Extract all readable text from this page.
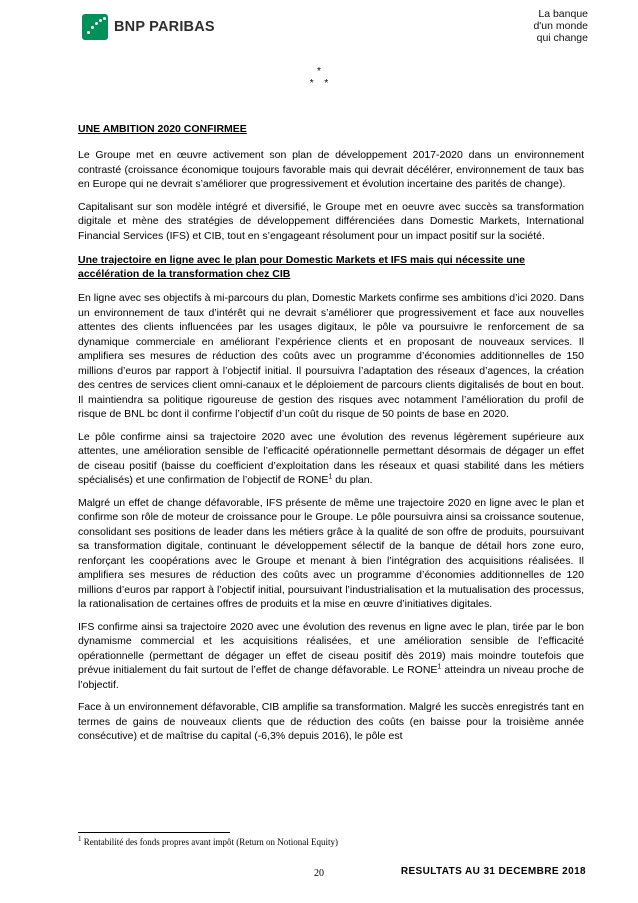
BNP PARIBAS
La banque
d'un monde
qui change
*
* *
UNE AMBITION 2020 CONFIRMEE

Le Groupe met en œuvre activement son plan de développement 2017-2020 dans un environnement contrasté (croissance économique toujours favorable mais qui devrait décélérer, environnement de taux bas en Europe qui ne devrait s’améliorer que progressivement et évolution incertaine des parités de change).

Capitalisant sur son modèle intégré et diversifié, le Groupe met en oeuvre avec succès sa transformation digitale et mène des stratégies de développement différenciées dans Domestic Markets, International Financial Services (IFS) et CIB, tout en s’engageant résolument pour un impact positif sur la société.

Une trajectoire en ligne avec le plan pour Domestic Markets et IFS mais qui nécessite une accélération de la transformation chez CIB

En ligne avec ses objectifs à mi-parcours du plan, Domestic Markets confirme ses ambitions d’ici 2020. Dans un environnement de taux d’intérêt qui ne devrait s’améliorer que progressivement et face aux nouvelles attentes des clients influencées par les usages digitaux, le pôle va poursuivre le renforcement de sa dynamique commerciale en améliorant l’expérience clients et en proposant de nouveaux services. Il amplifiera ses mesures de réduction des coûts avec un programme d’économies additionnelles de 150 millions d’euros par rapport à l’objectif initial. Il poursuivra l’adaptation des réseaux d’agences, la création des centres de services client omni-canaux et le déploiement de parcours clients digitalisés de bout en bout. Il maintiendra sa politique rigoureuse de gestion des risques avec notamment l’amélioration du profil de risque de BNL bc dont il confirme l’objectif d’un coût du risque de 50 points de base en 2020.

Le pôle confirme ainsi sa trajectoire 2020 avec une évolution des revenus légèrement supérieure aux attentes, une amélioration sensible de l’efficacité opérationnelle permettant désormais de dégager un effet de ciseau positif (baisse du coefficient d’exploitation dans les réseaux et quasi stabilité dans les métiers spécialisés) et une confirmation de l’objectif de RONE$^1$ du plan.

Malgré un effet de change défavorable, IFS présente de même une trajectoire 2020 en ligne avec le plan et confirme son rôle de moteur de croissance pour le Groupe. Le pôle poursuivra ainsi sa croissance soutenue, consolidant ses positions de leader dans les métiers grâce à la qualité de son offre de produits, poursuivant sa transformation digitale, continuant le développement sélectif de la banque de détail hors zone euro, renforçant les coopérations avec le Groupe et menant à bien l’intégration des acquisitions réalisées. Il amplifiera ses mesures de réduction des coûts avec un programme d’économies additionnelles de 120 millions d’euros par rapport à l’objectif initial, poursuivant l’industrialisation et la mutualisation des processus, la rationalisation de certaines offres de produits et la mise en œuvre d’initiatives digitales.

IFS confirme ainsi sa trajectoire 2020 avec une évolution des revenus en ligne avec le plan, tirée par le bon dynamisme commercial et les acquisitions réalisées, et une amélioration sensible de l’efficacité opérationnelle (permettant de dégager un effet de ciseau positif dès 2019) mais moindre toutefois que prévue initialement du fait surtout de l’effet de change défavorable. Le RONE$^1$ atteindra un niveau proche de l’objectif.

Face à un environnement défavorable, CIB amplifie sa transformation. Malgré les succès enregistrés tant en termes de gains de nouveaux clients que de réduction des coûts (en baisse pour la troisième année consécutive) et de maîtrise du capital (-6,3% depuis 2016), le pôle est

$^1$ Rentabilité des fonds propres avant impôt (Return on Notional Equity)
20	RESULTATS AU 31 DECEMBRE 2018
